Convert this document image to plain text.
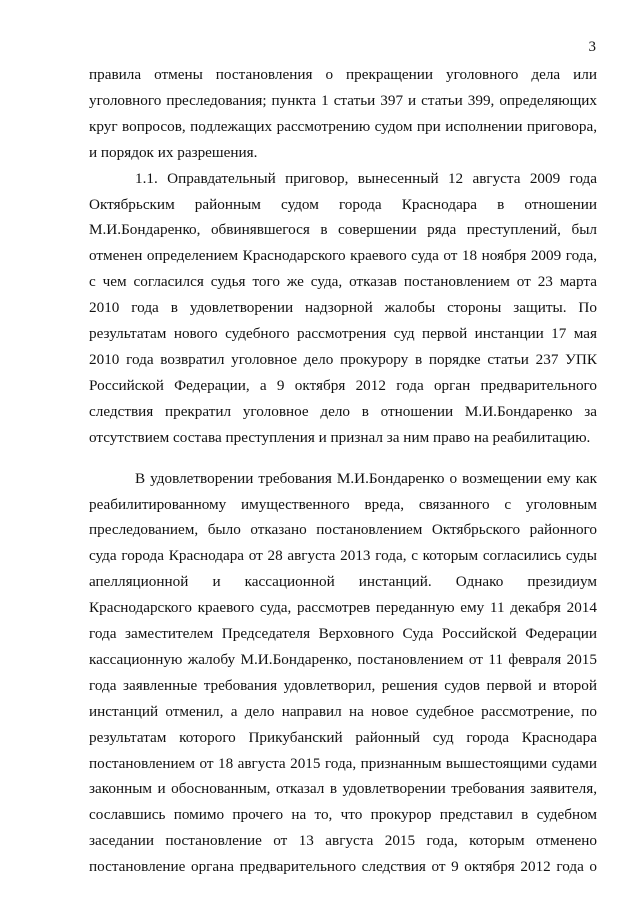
3

правила отмены постановления о прекращении уголовного дела или

уголовного преследования; пункта 1 статьи 397 и статьи 399, определяющих

круг вопросов, подлежащих рассмотрению судом при исполнении приговора,

и порядок их разрешения.

1.1. Оправдательный приговор, вынесенный 12 августа 2009 года

Октябрьским районным судом города Краснодара в отношении

М.И.Бондаренко, обвинявшегося в совершении ряда преступлений, был

отменен определением Краснодарского краевого суда от 18 ноября 2009 года,

с чем согласился судья того же суда, отказав постановлением от 23 марта

2010 года в удовлетворении надзорной жалобы стороны защиты. По

результатам нового судебного рассмотрения суд первой инстанции 17 мая

2010 года возвратил уголовное дело прокурору в порядке статьи 237 УПК

Российской Федерации, а 9 октября 2012 года орган предварительного

следствия прекратил уголовное дело в отношении М.И.Бондаренко за

отсутствием состава преступления и признал за ним право на реабилитацию.

В удовлетворении требования М.И.Бондаренко о возмещении ему как

реабилитированному имущественного вреда, связанного с уголовным

преследованием, было отказано постановлением Октябрьского районного

суда города Краснодара от 28 августа 2013 года, с которым согласились суды

апелляционной и кассационной инстанций. Однако президиум

Краснодарского краевого суда, рассмотрев переданную ему 11 декабря 2014

года заместителем Председателя Верховного Суда Российской Федерации

кассационную жалобу М.И.Бондаренко, постановлением от 11 февраля 2015

года заявленные требования удовлетворил, решения судов первой и второй

инстанций отменил, а дело направил на новое судебное рассмотрение, по

результатам которого Прикубанский районный суд города Краснодара

постановлением от 18 августа 2015 года, признанным вышестоящими судами

законным и обоснованным, отказал в удовлетворении требования заявителя,

сославшись помимо прочего на то, что прокурор представил в судебном

заседании постановление от 13 августа 2015 года, которым отменено

постановление органа предварительного следствия от 9 октября 2012 года о
